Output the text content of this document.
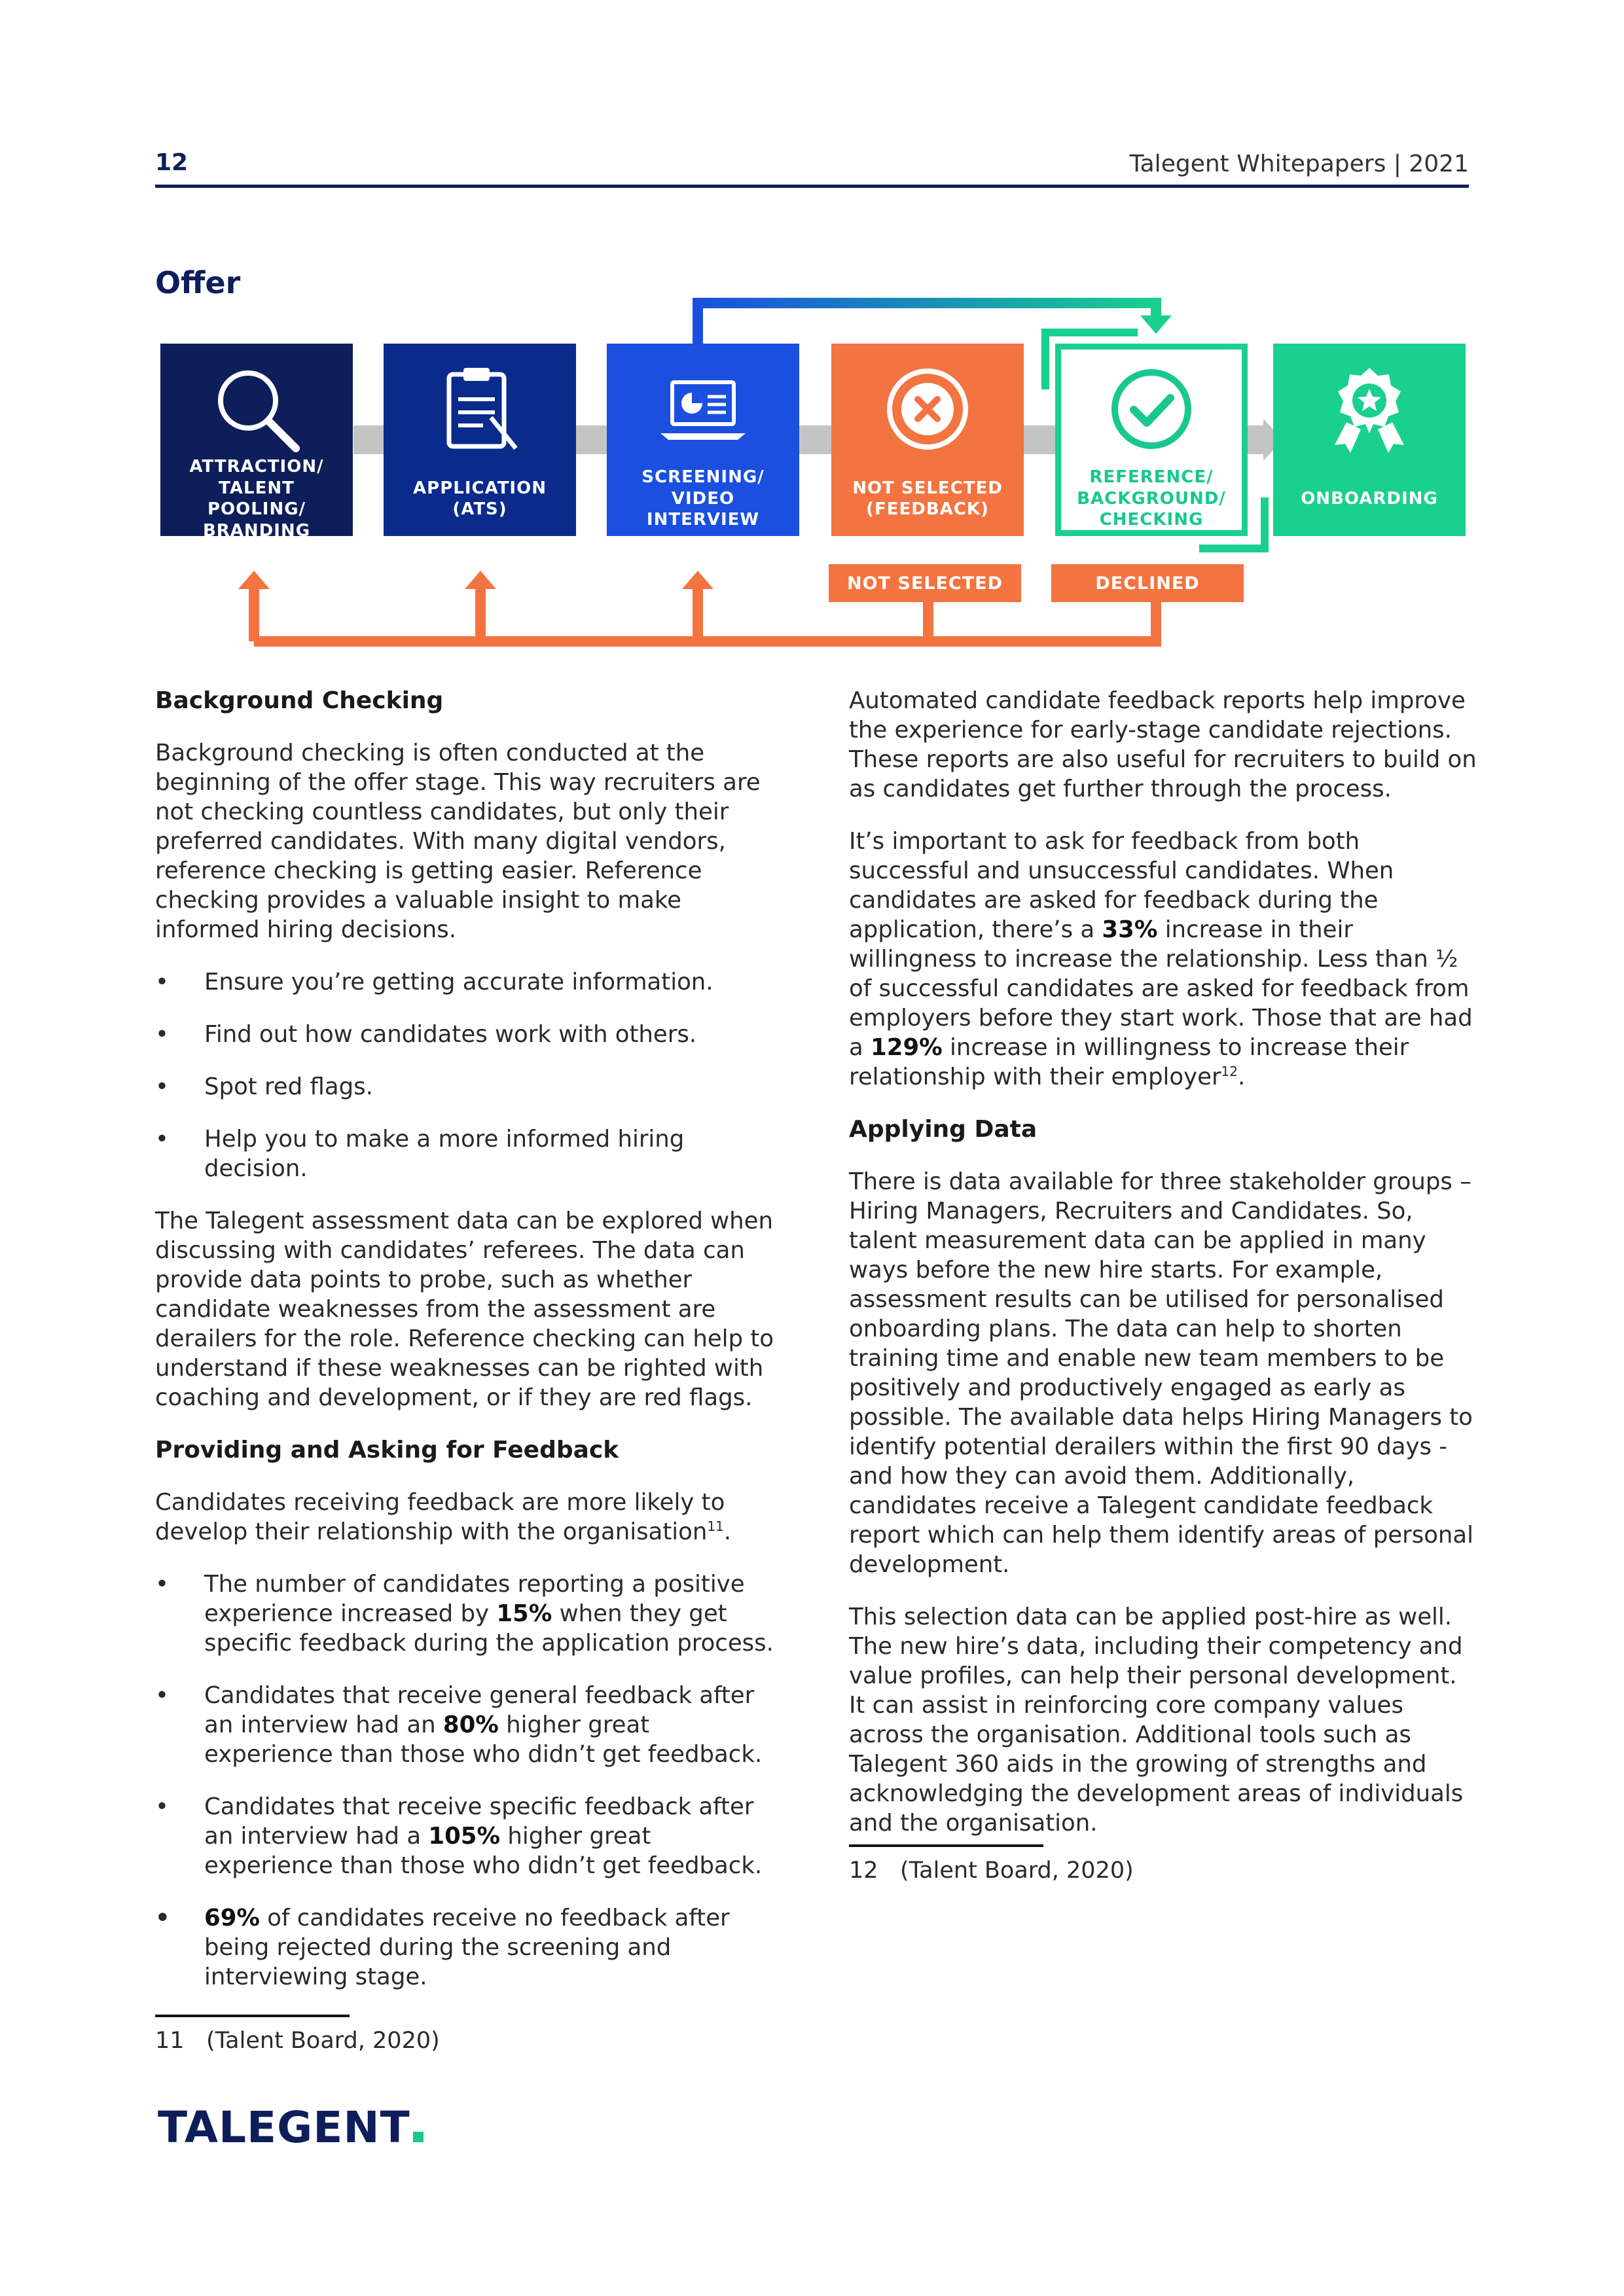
12	Talegent Whitepapers | 2021
Offer
ATTRACTION/
TALENT POOLING/
BRANDING
APPLICATION
(ATS)
SCREENING/
VIDEO INTERVIEW
NOT SELECTED
(FEEDBACK)
REFERENCE/
BACKGROUND/
CHECKING
ONBOARDING
NOT SELECTED	DECLINED
Background Checking

Background checking is often conducted at the beginning of the offer stage. This way recruiters are not checking countless candidates, but only their preferred candidates. With many digital vendors, reference checking is getting easier. Reference checking provides a valuable insight to make informed hiring decisions.

• Ensure you’re getting accurate information.
• Find out how candidates work with others.
• Spot red flags.
• Help you to make a more informed hiring decision.

The Talegent assessment data can be explored when discussing with candidates’ referees. The data can provide data points to probe, such as whether candidate weaknesses from the assessment are derailers for the role. Reference checking can help to understand if these weaknesses can be righted with coaching and development, or if they are red flags.

Providing and Asking for Feedback

Candidates receiving feedback are more likely to develop their relationship with the organisation$^{11}$.

• The number of candidates reporting a positive experience increased by 15% when they get specific feedback during the application process.
• Candidates that receive general feedback after an interview had an 80% higher great experience than those who didn’t get feedback.
• Candidates that receive specific feedback after an interview had a 105% higher great experience than those who didn’t get feedback.
• 69% of candidates receive no feedback after being rejected during the screening and interviewing stage.
11 (Talent Board, 2020)

Automated candidate feedback reports help improve the experience for early-stage candidate rejections. These reports are also useful for recruiters to build on as candidates get further through the process.

It’s important to ask for feedback from both successful and unsuccessful candidates. When candidates are asked for feedback during the application, there’s a 33% increase in their willingness to increase the relationship. Less than ½ of successful candidates are asked for feedback from employers before they start work. Those that are had a 129% increase in willingness to increase their relationship with their employer$^{12}$.

Applying Data

There is data available for three stakeholder groups – Hiring Managers, Recruiters and Candidates. So, talent measurement data can be applied in many ways before the new hire starts. For example, assessment results can be utilised for personalised onboarding plans. The data can help to shorten training time and enable new team members to be positively and productively engaged as early as possible. The available data helps Hiring Managers to identify potential derailers within the first 90 days - and how they can avoid them. Additionally, candidates receive a Talegent candidate feedback report which can help them identify areas of personal development.

This selection data can be applied post-hire as well. The new hire’s data, including their competency and value profiles, can help their personal development. It can assist in reinforcing core company values across the organisation. Additional tools such as Talegent 360 aids in the growing of strengths and acknowledging the development areas of individuals and the organisation.

12 (Talent Board, 2020)
TALEGENT
